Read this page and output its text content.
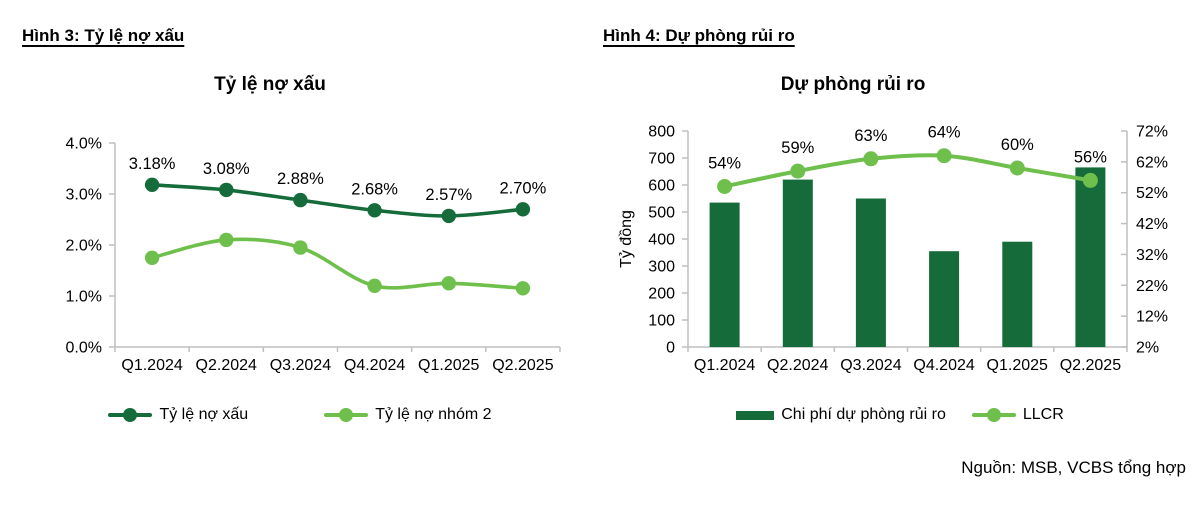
Hình 3: Tỷ lệ nợ xấu	Hình 4: Dự phòng rủi ro
Tỷ lệ nợ xấu	Dự phòng rủi ro
0.0%
1.0%
2.0%
3.0%
4.0%
Q1.2024 Q2.2024 Q3.2024 Q4.2024 Q1.2025 Q2.2025
3.18% 3.08%
2.88%
2.68% 2.57% 2.70%
0
100
200
300
400
500
600
700
800
Tỷ đồng
2%
12%
22%
32%
42%
52%
62%
72%
Q1.2024 Q2.2024 Q3.2024 Q4.2024 Q1.2025 Q2.2025
54%
59%
63% 64%
60%
56%
Tỷ lệ nợ xấu	Tỷ lệ nợ nhóm 2	Chi phí dự phòng rủi ro	LLCR
Nguồn: MSB, VCBS tổng hợp
